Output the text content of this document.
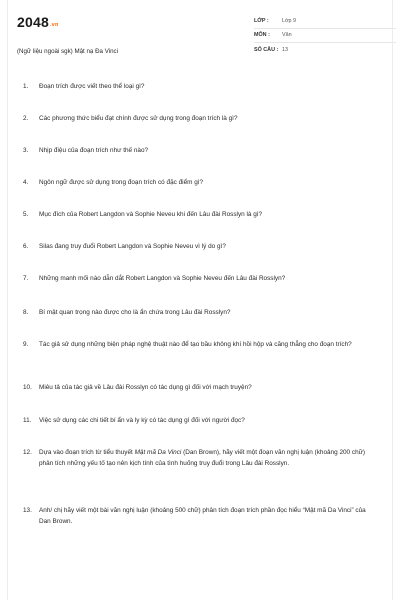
2048.vn
(Ngữ liệu ngoài sgk) Mật nạ Đa Vinci
LỚP :	Lớp 9
MÔN :	Văn
SỐ CÂU : 13
1.	Đoạn trích được viết theo thể loại gì?
2.	Các phương thức biểu đạt chính được sử dụng trong đoạn trích là gì?
3.	Nhịp điệu của đoạn trích như thế nào?
4.	Ngôn ngữ được sử dụng trong đoạn trích có đặc điểm gì?
5.	Mục đích của Robert Langdon và Sophie Neveu khi đến Lâu đài Rosslyn là gì?
6.	Silas đang truy đuổi Robert Langdon và Sophie Neveu vì lý do gì?
7.	Những manh mối nào dẫn dắt Robert Langdon và Sophie Neveu đến Lâu đài Rosslyn?
8.	Bí mật quan trọng nào được cho là ẩn chứa trong Lâu đài Rosslyn?
9.	Tác giả sử dụng những biện pháp nghệ thuật nào để tạo bầu không khí hồi hộp và căng thẳng cho đoạn trích?
10.	Miêu tả của tác giả về Lâu đài Rosslyn có tác dụng gì đối với mạch truyện?
11.	Việc sử dụng các chi tiết bí ẩn và ly kỳ có tác dụng gì đối với người đọc?
12.	Dựa vào đoạn trích từ tiểu thuyết Mật mã Da Vinci (Dan Brown), hãy viết một đoạn văn nghị luận (khoảng 200 chữ) phân tích những yếu tố tạo nên kịch tính của tình huống truy đuổi trong Lâu đài Rosslyn.
13.	Anh/ chị hãy viết một bài văn nghị luận (khoảng 500 chữ) phân tích đoạn trích phần đọc hiểu “Mật mã Da Vinci” của Dan Brown.
